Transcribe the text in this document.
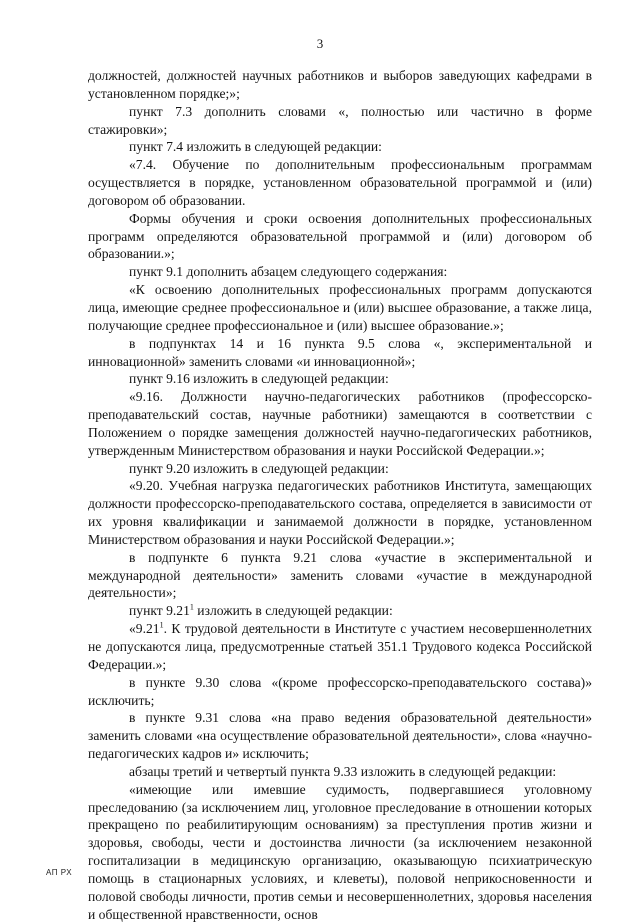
3

должностей, должностей научных работников и выборов заведующих кафедрами в установленном порядке;»;

пункт 7.3 дополнить словами «, полностью или частично в форме стажировки»;

пункт 7.4 изложить в следующей редакции:

«7.4. Обучение по дополнительным профессиональным программам осуществляется в порядке, установленном образовательной программой и (или) договором об образовании.

Формы обучения и сроки освоения дополнительных профессиональных программ определяются образовательной программой и (или) договором об образовании.»;

пункт 9.1 дополнить абзацем следующего содержания:

«К освоению дополнительных профессиональных программ допускаются лица, имеющие среднее профессиональное и (или) высшее образование, а также лица, получающие среднее профессиональное и (или) высшее образование.»;

в подпунктах 14 и 16 пункта 9.5 слова «, экспериментальной и инновационной» заменить словами «и инновационной»;

пункт 9.16 изложить в следующей редакции:

«9.16. Должности научно-педагогических работников (профессорско-преподавательский состав, научные работники) замещаются в соответствии с Положением о порядке замещения должностей научно-педагогических работников, утвержденным Министерством образования и науки Российской Федерации.»;

пункт 9.20 изложить в следующей редакции:

«9.20. Учебная нагрузка педагогических работников Института, замещающих должности профессорско-преподавательского состава, определяется в зависимости от их уровня квалификации и занимаемой должности в порядке, установленном Министерством образования и науки Российской Федерации.»;

в подпункте 6 пункта 9.21 слова «участие в экспериментальной и международной деятельности» заменить словами «участие в международной деятельности»;

пункт 9.21$^1$ изложить в следующей редакции:

«9.21$^1$. К трудовой деятельности в Институте с участием несовершеннолетних не допускаются лица, предусмотренные статьей 351.1 Трудового кодекса Российской Федерации.»;

в пункте 9.30 слова «(кроме профессорско-преподавательского состава)» исключить;

в пункте 9.31 слова «на право ведения образовательной деятельности» заменить словами «на осуществление образовательной деятельности», слова «научно-педагогических кадров и» исключить;

абзацы третий и четвертый пункта 9.33 изложить в следующей редакции:

«имеющие или имевшие судимость, подвергавшиеся уголовному преследованию (за исключением лиц, уголовное преследование в отношении которых прекращено по реабилитирующим основаниям) за преступления против жизни и здоровья, свободы, чести и достоинства личности (за исключением незаконной госпитализации в медицинскую организацию, оказывающую психиатрическую помощь в стационарных условиях, и клеветы), половой неприкосновенности и половой свободы личности, против семьи и несовершеннолетних, здоровья населения и общественной нравственности, основ

АП РХ
